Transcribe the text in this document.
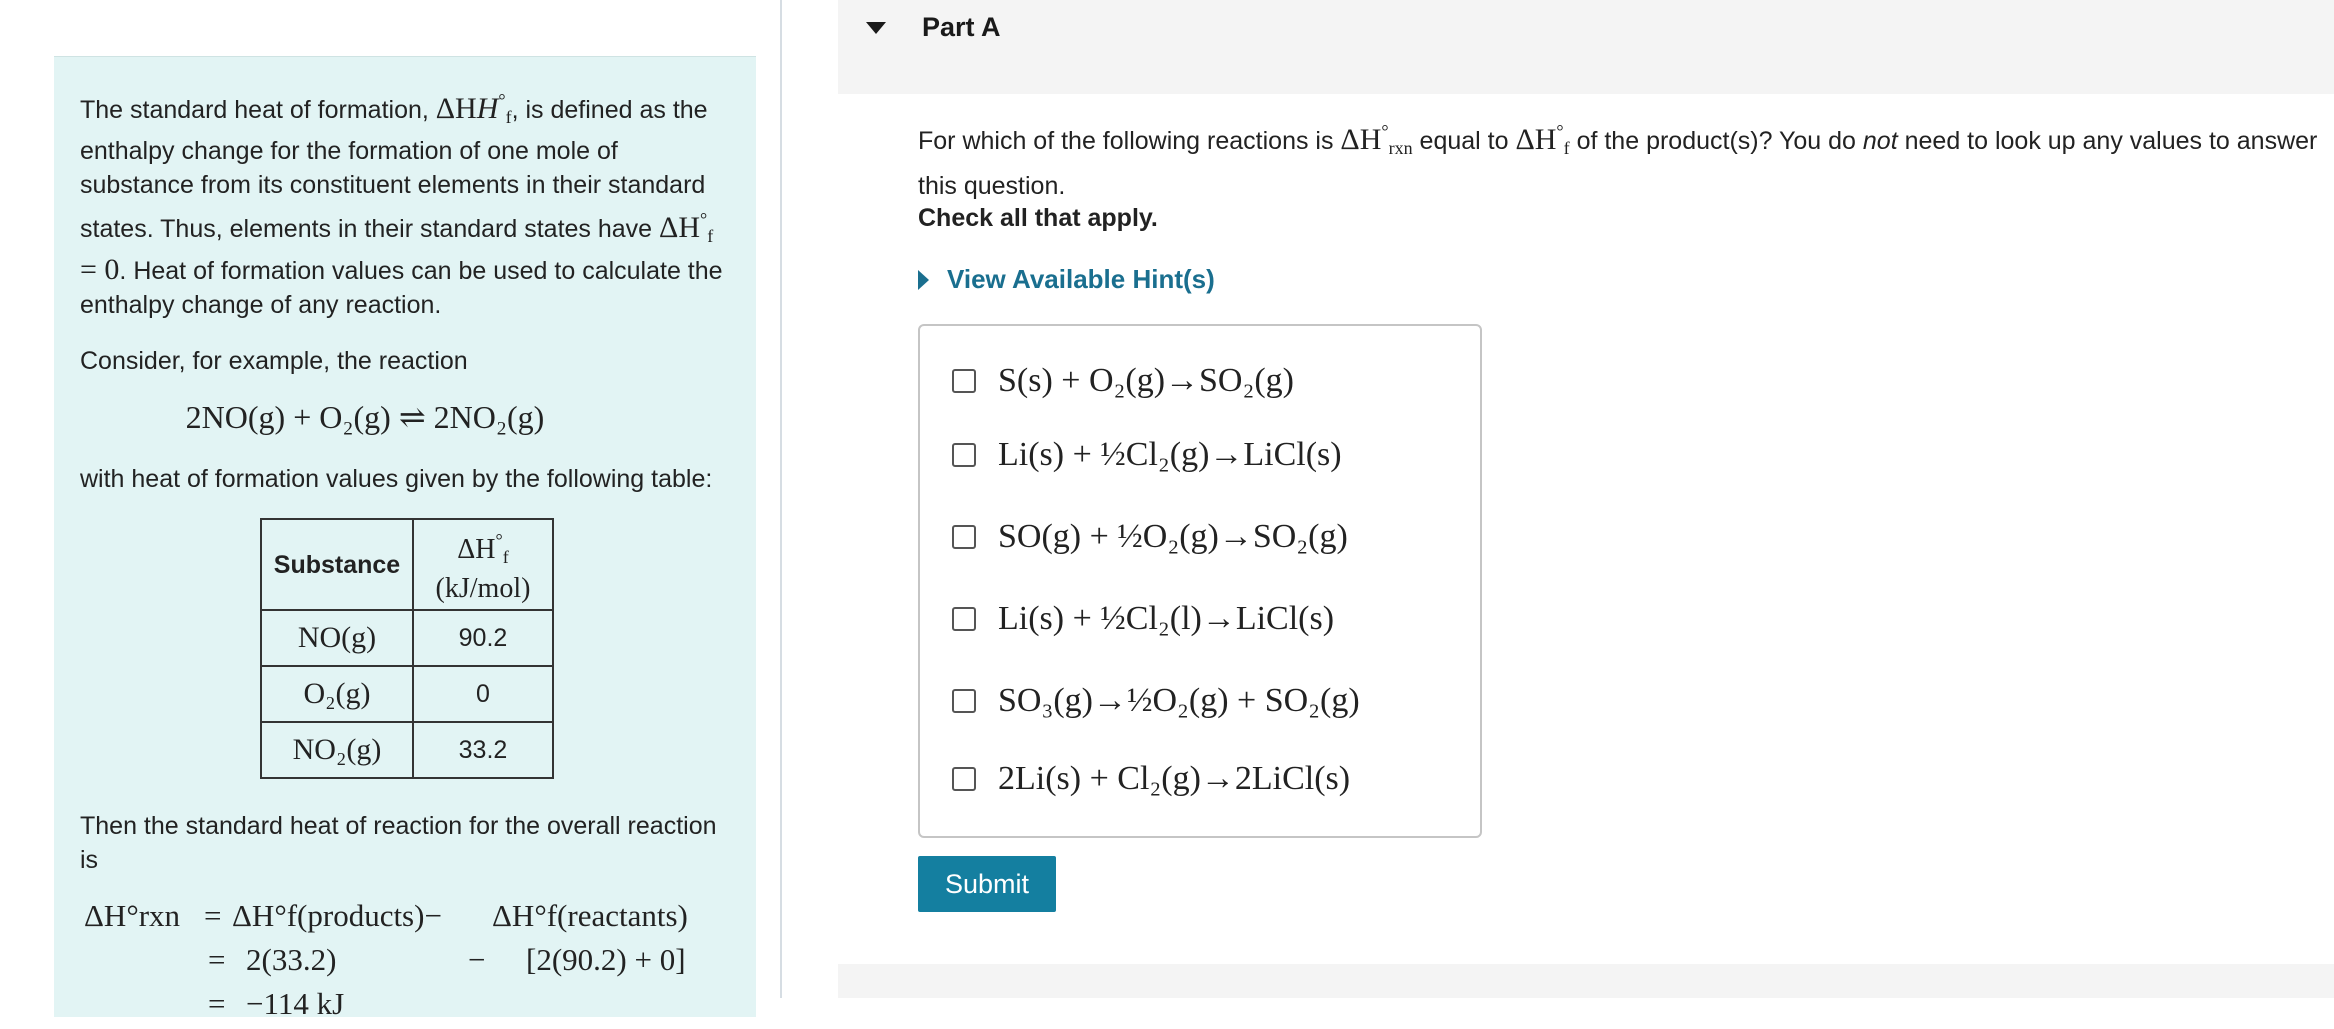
The standard heat of formation, $\Delta HH^\circ_f$, is defined as the enthalpy change for the formation of one mole of substance from its constituent elements in their standard states. Thus, elements in their standard states have $\Delta H^\circ_f = 0$. Heat of formation values can be used to calculate the enthalpy change of any reaction.

Consider, for example, the reaction

2NO(g) + O₂(g) ⇌ 2NO₂(g)

with heat of formation values given by the following table:

Substance	$\Delta H^\circ_f$
(kJ/mol)
NO(g)	90.2
O₂(g)	0
NO₂(g)	33.2

Then the standard heat of reaction for the overall reaction is

ΔH°rxn = ΔH°f(products)− ΔH°f(reactants)
= 2(33.2)	− [2(90.2) + 0]
= −114 kJ
Part A
For which of the following reactions is $\Delta H^\circ_{rxn}$ equal to $\Delta H^\circ_f$ of the product(s)? You do not need to look up any values to answer this question.
Check all that apply.
View Available Hint(s)
S(s) + O₂(g)→SO₂(g)
Li(s) + ½Cl₂(g)→LiCl(s)
SO(g) + ½O₂(g)→SO₂(g)
Li(s) + ½Cl₂(l)→LiCl(s)
SO₃(g)→½O₂(g) + SO₂(g)
2Li(s) + Cl₂(g)→2LiCl(s)
Submit
